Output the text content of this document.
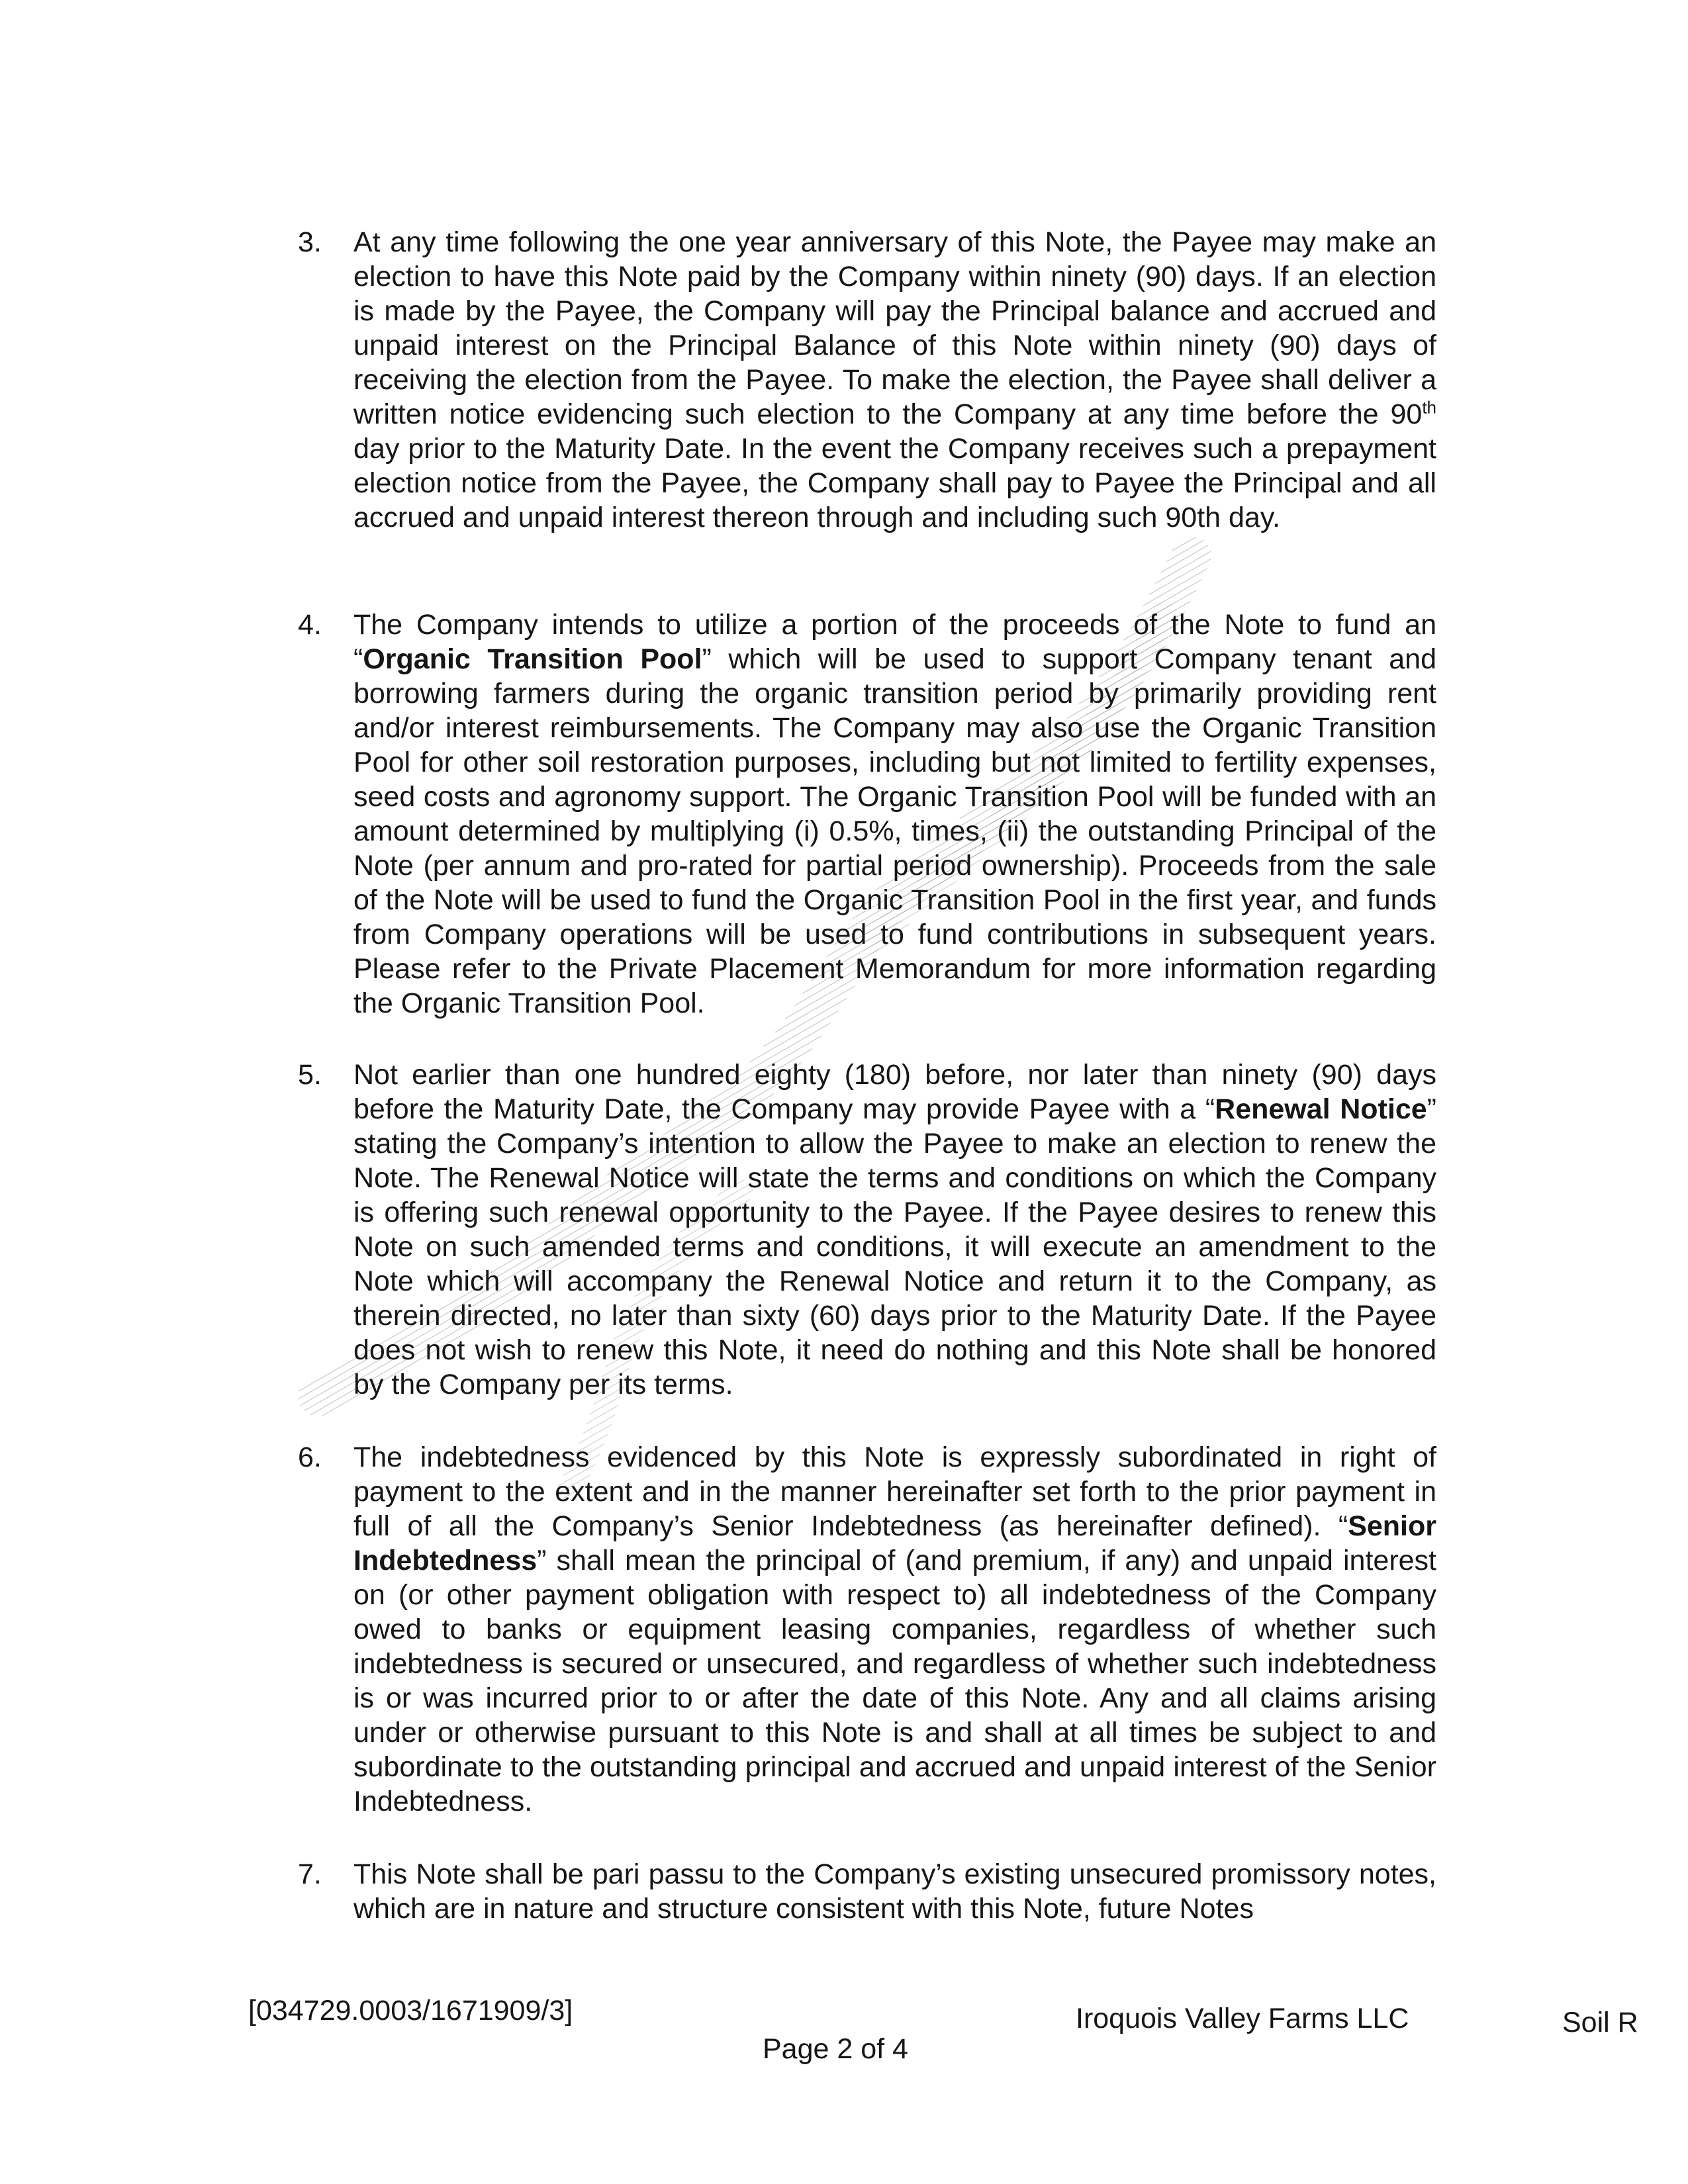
3.	At any time following the one year anniversary of this Note, the Payee may make an election to have this Note paid by the Company within ninety (90) days. If an election is made by the Payee, the Company will pay the Principal balance and accrued and unpaid interest on the Principal Balance of this Note within ninety (90) days of receiving the election from the Payee. To make the election, the Payee shall deliver a written notice evidencing such election to the Company at any time before the 90th day prior to the Maturity Date. In the event the Company receives such a prepayment election notice from the Payee, the Company shall pay to Payee the Principal and all accrued and unpaid interest thereon through and including such 90th day.
4.	The Company intends to utilize a portion of the proceeds of the Note to fund an “Organic Transition Pool” which will be used to support Company tenant and borrowing farmers during the organic transition period by primarily providing rent and/or interest reimbursements. The Company may also use the Organic Transition Pool for other soil restoration purposes, including but not limited to fertility expenses, seed costs and agronomy support. The Organic Transition Pool will be funded with an amount determined by multiplying (i) 0.5%, times, (ii) the outstanding Principal of the Note (per annum and pro-rated for partial period ownership). Proceeds from the sale of the Note will be used to fund the Organic Transition Pool in the first year, and funds from Company operations will be used to fund contributions in subsequent years. Please refer to the Private Placement Memorandum for more information regarding the Organic Transition Pool.
5.	Not earlier than one hundred eighty (180) before, nor later than ninety (90) days before the Maturity Date, the Company may provide Payee with a “Renewal Notice” stating the Company’s intention to allow the Payee to make an election to renew the Note. The Renewal Notice will state the terms and conditions on which the Company is offering such renewal opportunity to the Payee. If the Payee desires to renew this Note on such amended terms and conditions, it will execute an amendment to the Note which will accompany the Renewal Notice and return it to the Company, as therein directed, no later than sixty (60) days prior to the Maturity Date. If the Payee does not wish to renew this Note, it need do nothing and this Note shall be honored by the Company per its terms.
6.	The indebtedness evidenced by this Note is expressly subordinated in right of payment to the extent and in the manner hereinafter set forth to the prior payment in full of all the Company’s Senior Indebtedness (as hereinafter defined). “Senior Indebtedness” shall mean the principal of (and premium, if any) and unpaid interest on (or other payment obligation with respect to) all indebtedness of the Company owed to banks or equipment leasing companies, regardless of whether such indebtedness is secured or unsecured, and regardless of whether such indebtedness is or was incurred prior to or after the date of this Note. Any and all claims arising under or otherwise pursuant to this Note is and shall at all times be subject to and subordinate to the outstanding principal and accrued and unpaid interest of the Senior Indebtedness.
7.	This Note shall be pari passu to the Company’s existing unsecured promissory notes, which are in nature and structure consistent with this Note, future Notes
[034729.0003/1671909/3]	Iroquois Valley Farms LLC	Soil R
Page 2 of 4
